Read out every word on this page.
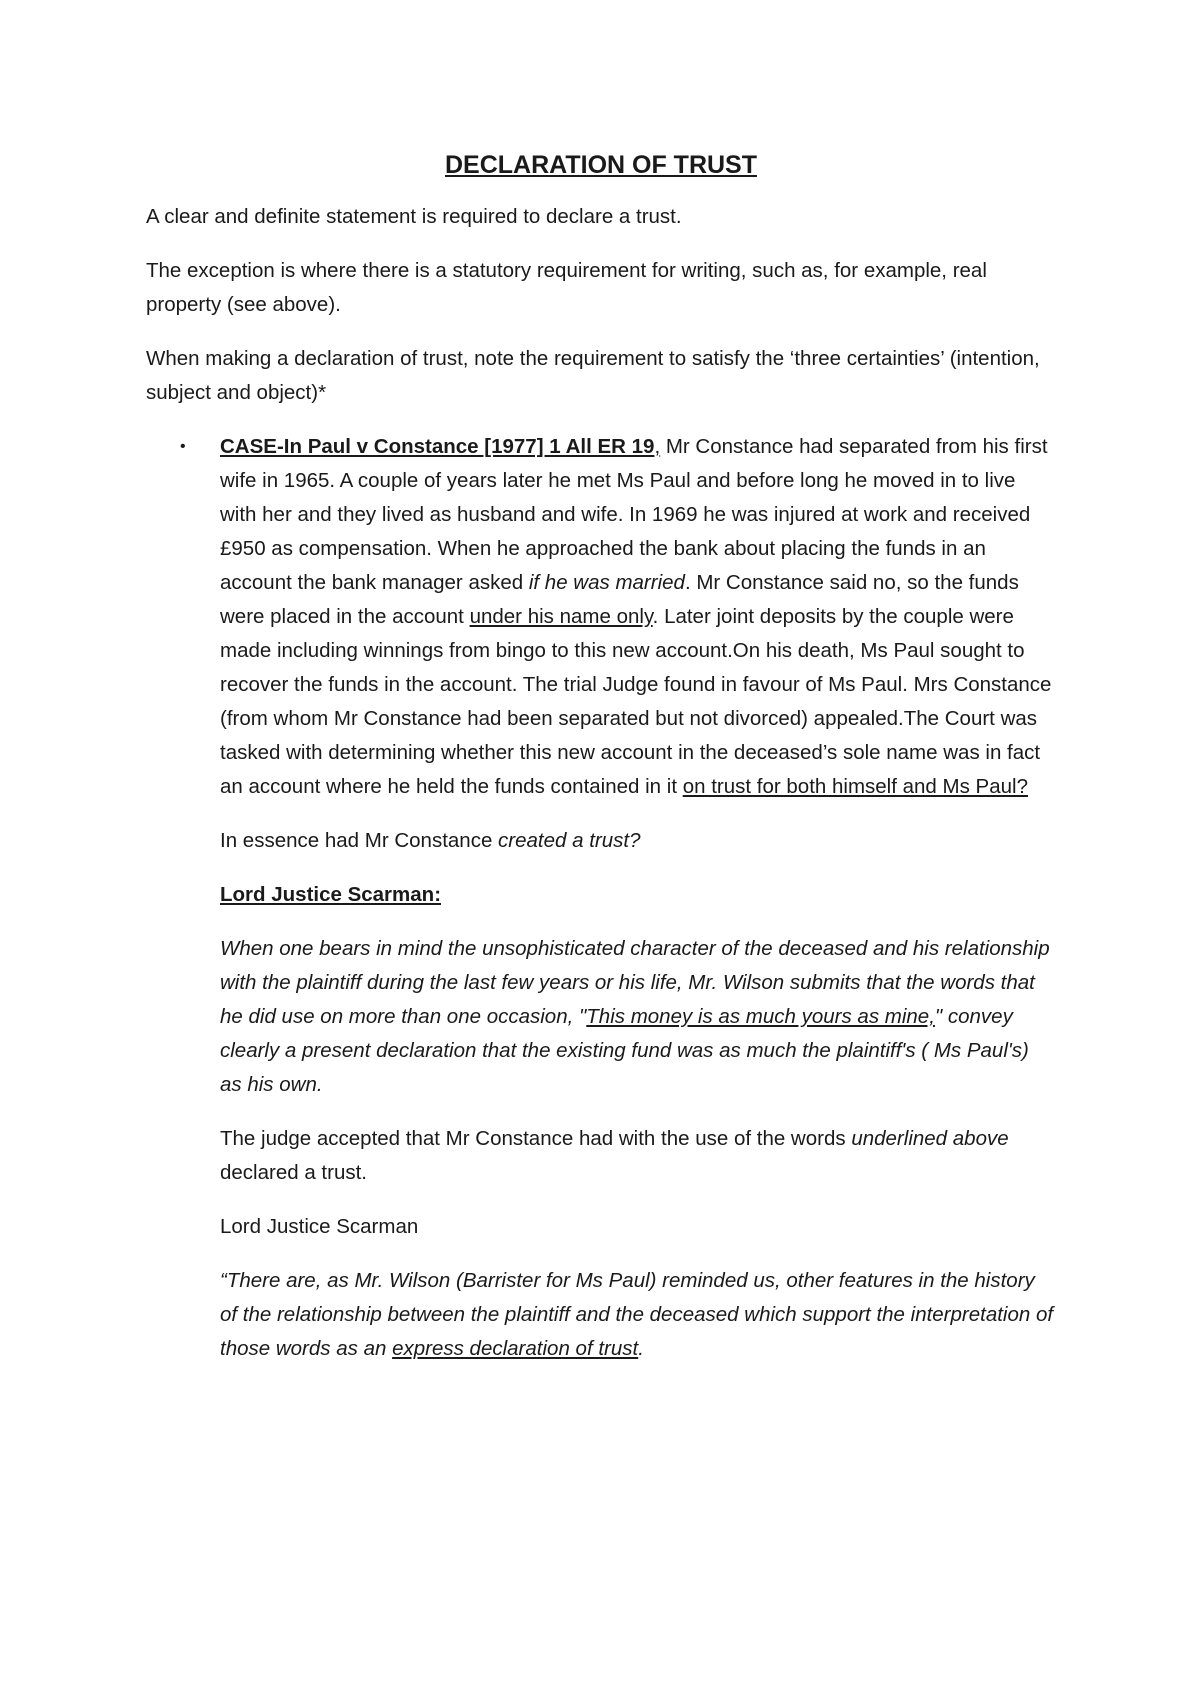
DECLARATION OF TRUST

A clear and definite statement is required to declare a trust.

The exception is where there is a statutory requirement for writing, such as, for example, real property (see above).

When making a declaration of trust, note the requirement to satisfy the ‘three certainties’ (intention, subject and object)*

• CASE-In Paul v Constance [1977] 1 All ER 19, Mr Constance had separated from his first wife in 1965. A couple of years later he met Ms Paul and before long he moved in to live with her and they lived as husband and wife. In 1969 he was injured at work and received £950 as compensation. When he approached the bank about placing the funds in an account the bank manager asked if he was married. Mr Constance said no, so the funds were placed in the account under his name only. Later joint deposits by the couple were made including winnings from bingo to this new account.On his death, Ms Paul sought to recover the funds in the account. The trial Judge found in favour of Ms Paul. Mrs Constance (from whom Mr Constance had been separated but not divorced) appealed.The Court was tasked with determining whether this new account in the deceased’s sole name was in fact an account where he held the funds contained in it on trust for both himself and Ms Paul?

In essence had Mr Constance created a trust?

Lord Justice Scarman:

When one bears in mind the unsophisticated character of the deceased and his relationship with the plaintiff during the last few years or his life, Mr. Wilson submits that the words that he did use on more than one occasion, "This money is as much yours as mine," convey clearly a present declaration that the existing fund was as much the plaintiff's ( Ms Paul's) as his own.

The judge accepted that Mr Constance had with the use of the words underlined above declared a trust.

Lord Justice Scarman

“There are, as Mr. Wilson (Barrister for Ms Paul) reminded us, other features in the history of the relationship between the plaintiff and the deceased which support the interpretation of those words as an express declaration of trust.
